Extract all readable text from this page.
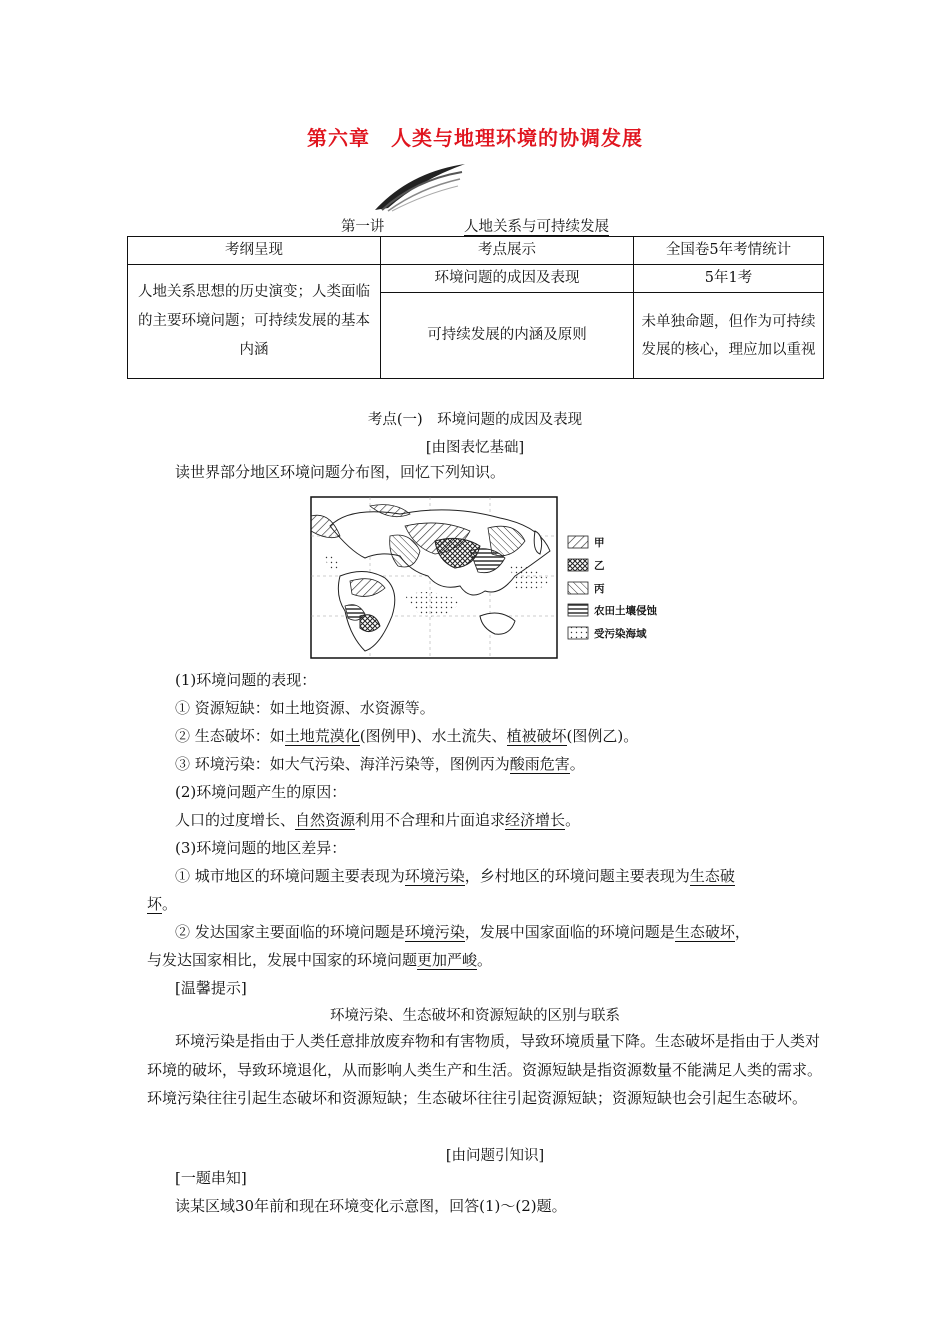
第六章　人类与地理环境的协调发展
第一讲	人地关系与可持续发展
考纲呈现	考点展示	全国卷5年考情统计
人地关系思想的历史演变；人类面临的主要环境问题；可持续发展的基本内涵	环境问题的成因及表现	5年1考
	可持续发展的内涵及原则	未单独命题，但作为可持续发展的核心，理应加以重视
考点(一)　环境问题的成因及表现
[由图表忆基础]
读世界部分地区环境问题分布图，回忆下列知识。
甲
乙
丙
农田土壤侵蚀
受污染海域
(1)环境问题的表现：
① 资源短缺：如土地资源、水资源等。
② 生态破坏：如土地荒漠化(图例甲)、水土流失、植被破坏(图例乙)。
③ 环境污染：如大气污染、海洋污染等，图例丙为酸雨危害。
(2)环境问题产生的原因：
人口的过度增长、自然资源利用不合理和片面追求经济增长。
(3)环境问题的地区差异：
① 城市地区的环境问题主要表现为环境污染，乡村地区的环境问题主要表现为生态破
坏。
② 发达国家主要面临的环境问题是环境污染，发展中国家面临的环境问题是生态破坏，
与发达国家相比，发展中国家的环境问题更加严峻。
[温馨提示]
环境污染、生态破坏和资源短缺的区别与联系
环境污染是指由于人类任意排放废弃物和有害物质，导致环境质量下降。生态破坏是指由于人类对环境的破坏，导致环境退化，从而影响人类生产和生活。资源短缺是指资源数量不能满足人类的需求。环境污染往往引起生态破坏和资源短缺；生态破坏往往引起资源短缺；资源短缺也会引起生态破坏。
[由问题引知识]
[一题串知]
读某区域30年前和现在环境变化示意图，回答(1)～(2)题。
